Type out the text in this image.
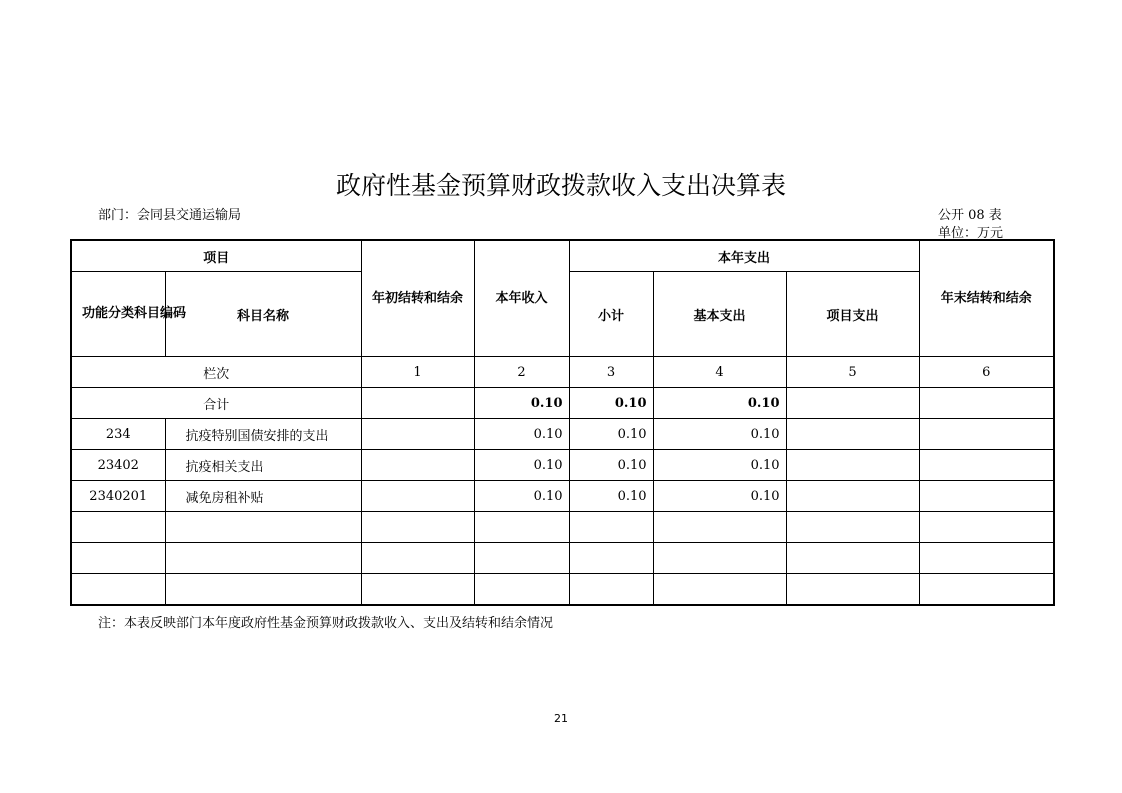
政府性基金预算财政拨款收入支出决算表
部门：会同县交通运输局	公开 08 表
单位：万元
项目		年初结转和结余	本年收入	本年支出			年末结转和结余
功能分类科目编码	科目名称			小计	基本支出	项目支出	
栏次		1	2	3	4	5	6
合计			0.10	0.10	0.10		
234	抗疫特别国债安排的支出		0.10	0.10	0.10		
23402	抗疫相关支出		0.10	0.10	0.10		
2340201	减免房租补贴		0.10	0.10	0.10		

注：本表反映部门本年度政府性基金预算财政拨款收入、支出及结转和结余情况
21
